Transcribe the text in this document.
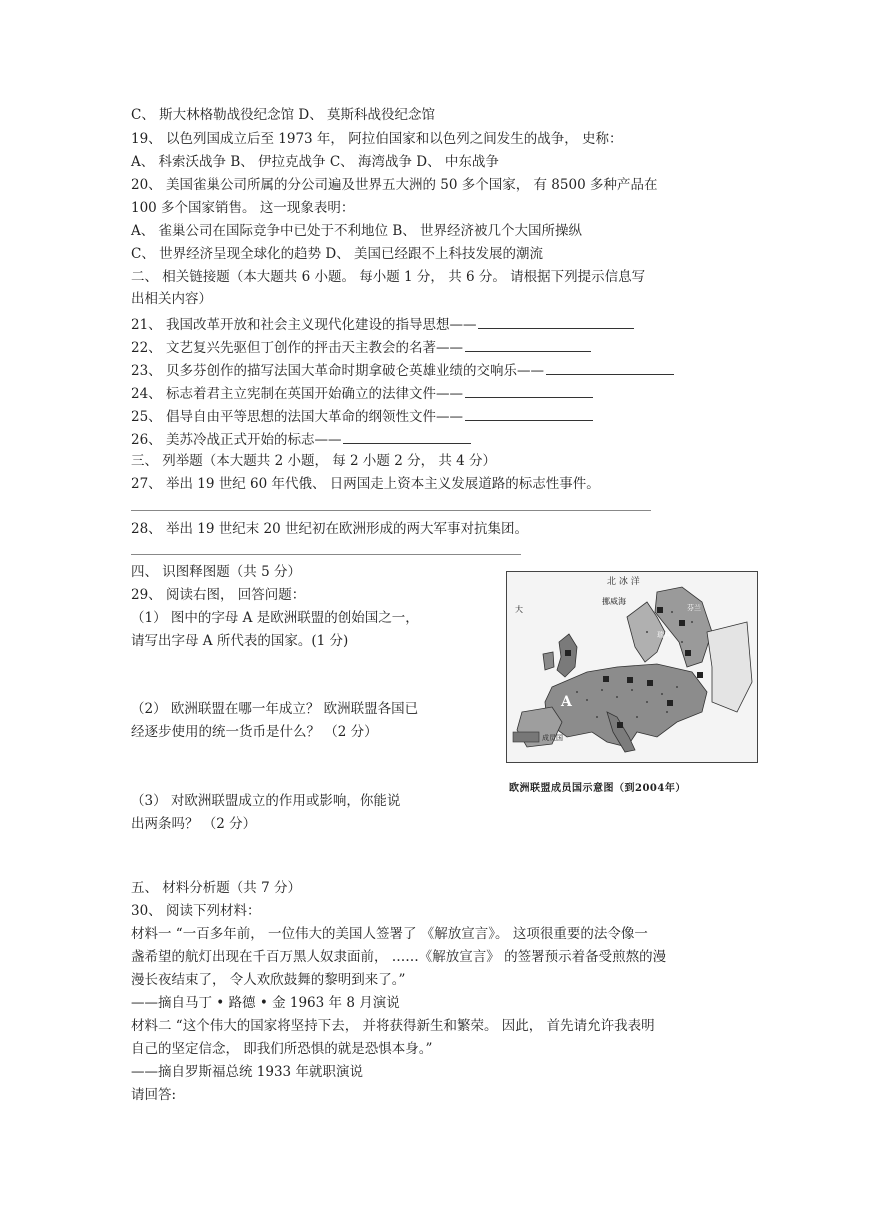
C、 斯大林格勒战役纪念馆 D、 莫斯科战役纪念馆
19、 以色列国成立后至 1973 年， 阿拉伯国家和以色列之间发生的战争， 史称：
A、 科索沃战争 B、 伊拉克战争 C、 海湾战争 D、 中东战争
20、 美国雀巢公司所属的分公司遍及世界五大洲的 50 多个国家， 有 8500 多种产品在
100 多个国家销售。 这一现象表明：
A、 雀巢公司在国际竞争中已处于不利地位 B、 世界经济被几个大国所操纵
C、 世界经济呈现全球化的趋势 D、 美国已经跟不上科技发展的潮流
二、 相关链接题（本大题共 6 小题。 每小题 1 分， 共 6 分。 请根据下列提示信息写
出相关内容）
21、 我国改革开放和社会主义现代化建设的指导思想——
22、 文艺复兴先驱但丁创作的抨击天主教会的名著——
23、 贝多芬创作的描写法国大革命时期拿破仑英雄业绩的交响乐——
24、 标志着君主立宪制在英国开始确立的法律文件——
25、 倡导自由平等思想的法国大革命的纲领性文件——
26、 美苏冷战正式开始的标志——
三、 列举题（本大题共 2 小题， 每 2 小题 2 分， 共 4 分）
27、 举出 19 世纪 60 年代俄、 日两国走上资本主义发展道路的标志性事件。
28、 举出 19 世纪末 20 世纪初在欧洲形成的两大军事对抗集团。
四、 识图释图题（共 5 分）
29、 阅读右图， 回答问题：
（1） 图中的字母 A 是欧洲联盟的创始国之一，
请写出字母 A 所代表的国家。(1 分)
（2） 欧洲联盟在哪一年成立？ 欧洲联盟各国已
经逐步使用的统一货币是什么？ （2 分）
（3） 对欧洲联盟成立的作用或影响，你能说
出两条吗？ （2 分）
成员国
北 冰 洋
挪威海
大
瑞典
芬兰
A
欧洲联盟成员国示意图（到2004年）
五、 材料分析题（共 7 分）
30、 阅读下列材料：
材料一 “一百多年前， 一位伟大的美国人签署了 《解放宣言》。 这项很重要的法令像一
盏希望的航灯出现在千百万黑人奴隶面前， ……《解放宣言》 的签署预示着备受煎熬的漫
漫长夜结束了， 令人欢欣鼓舞的黎明到来了。”
——摘自马丁 • 路德 • 金 1963 年 8 月演说
材料二 “这个伟大的国家将坚持下去， 并将获得新生和繁荣。 因此， 首先请允许我表明
自己的坚定信念， 即我们所恐惧的就是恐惧本身。”
——摘自罗斯福总统 1933 年就职演说
请回答:
